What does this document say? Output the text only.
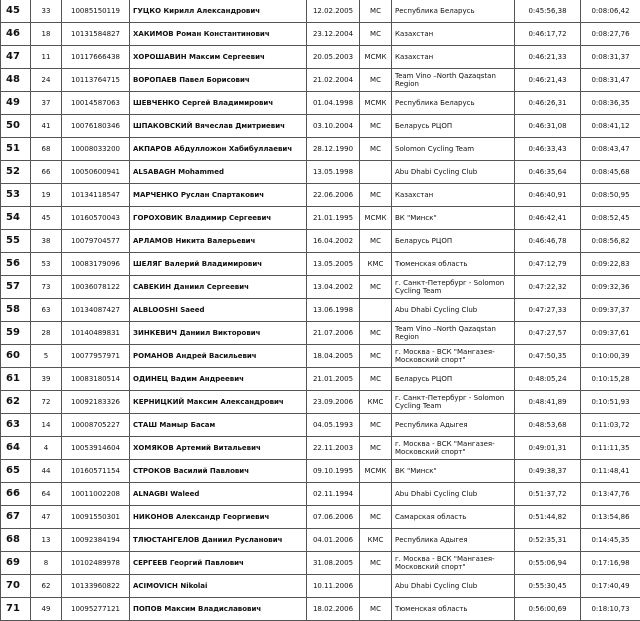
45	33	10085150119	ГУЦКО Кирилл Александрович	12.02.2005	МС	Республика Беларусь	0:45:56,38	0:08:06,42
46	18	10131584827	ХАКИМОВ Роман Константинович	23.12.2004	МС	Казахстан	0:46:17,72	0:08:27,76
47	11	10117666438	ХОРОШАВИН Максим Сергеевич	20.05.2003	МСМК	Казахстан	0:46:21,33	0:08:31,37
48	24	10113764715	ВОРОПАЕВ Павел Борисович	21.02.2004	МС	Team Vino –North Qazaqstan Region	0:46:21,43	0:08:31,47
49	37	10014587063	ШЕВЧЕНКО Сергей Владимирович	01.04.1998	МСМК	Республика Беларусь	0:46:26,31	0:08:36,35
50	41	10076180346	ШПАКОВСКИЙ Вячеслав Дмитриевич	03.10.2004	МС	Беларусь РЦОП	0:46:31,08	0:08:41,12
51	68	10008033200	АКПАРОВ Абдулложон Хабибуллаевич	28.12.1990	МС	Solomon Cycling Team	0:46:33,43	0:08:43,47
52	66	10050600941	ALSABAGH Mohammed	13.05.1998		Abu Dhabi Cycling Club	0:46:35,64	0:08:45,68
53	19	10134118547	МАРЧЕНКО Руслан Спартакович	22.06.2006	МС	Казахстан	0:46:40,91	0:08:50,95
54	45	10160570043	ГОРОХОВИК Владимир Сергеевич	21.01.1995	МСМК	ВК "Минск"	0:46:42,41	0:08:52,45
55	38	10079704577	АРЛАМОВ Никита Валерьевич	16.04.2002	МС	Беларусь РЦОП	0:46:46,78	0:08:56,82
56	53	10083179096	ШЕЛЯГ Валерий Владимирович	13.05.2005	КМС	Тюменская область	0:47:12,79	0:09:22,83
57	73	10036078122	САВЕКИН Даниил Сергеевич	13.04.2002	МС	г. Санкт-Петербург - Solomon Cycling Team	0:47:22,32	0:09:32,36
58	63	10134087427	ALBLOOSHI Saeed	13.06.1998		Abu Dhabi Cycling Club	0:47:27,33	0:09:37,37
59	28	10140489831	ЗИНКЕВИЧ Даниил Викторович	21.07.2006	МС	Team Vino –North Qazaqstan Region	0:47:27,57	0:09:37,61
60	5	10077957971	РОМАНОВ Андрей Васильевич	18.04.2005	МС	г. Москва - ВСК "Мангазея-Московский спорт"	0:47:50,35	0:10:00,39
61	39	10083180514	ОДИНЕЦ Вадим Андреевич	21.01.2005	МС	Беларусь РЦОП	0:48:05,24	0:10:15,28
62	72	10092183326	КЕРНИЦКИЙ Максим Александрович	23.09.2006	КМС	г. Санкт-Петербург - Solomon Cycling Team	0:48:41,89	0:10:51,93
63	14	10008705227	СТАШ Мамыр Басам	04.05.1993	МС	Республика Адыгея	0:48:53,68	0:11:03,72
64	4	10053914604	ХОМЯКОВ Артемий Витальевич	22.11.2003	МС	г. Москва - ВСК "Мангазея-Московский спорт"	0:49:01,31	0:11:11,35
65	44	10160571154	СТРОКОВ Василий Павлович	09.10.1995	МСМК	ВК "Минск"	0:49:38,37	0:11:48,41
66	64	10011002208	ALNAGBI Waleed	02.11.1994		Abu Dhabi Cycling Club	0:51:37,72	0:13:47,76
67	47	10091550301	НИКОНОВ Александр Георгиевич	07.06.2006	МС	Самарская область	0:51:44,82	0:13:54,86
68	13	10092384194	ТЛЮСТАНГЕЛОВ Даниил Русланович	04.01.2006	КМС	Республика Адыгея	0:52:35,31	0:14:45,35
69	8	10102489978	СЕРГЕЕВ Георгий Павлович	31.08.2005	МС	г. Москва - ВСК "Мангазея-Московский спорт"	0:55:06,94	0:17:16,98
70	62	10133960822	ACIMOVICH Nikolai	10.11.2006		Abu Dhabi Cycling Club	0:55:30,45	0:17:40,49
71	49	10095277121	ПОПОВ Максим Владиславович	18.02.2006	МС	Тюменская область	0:56:00,69	0:18:10,73
